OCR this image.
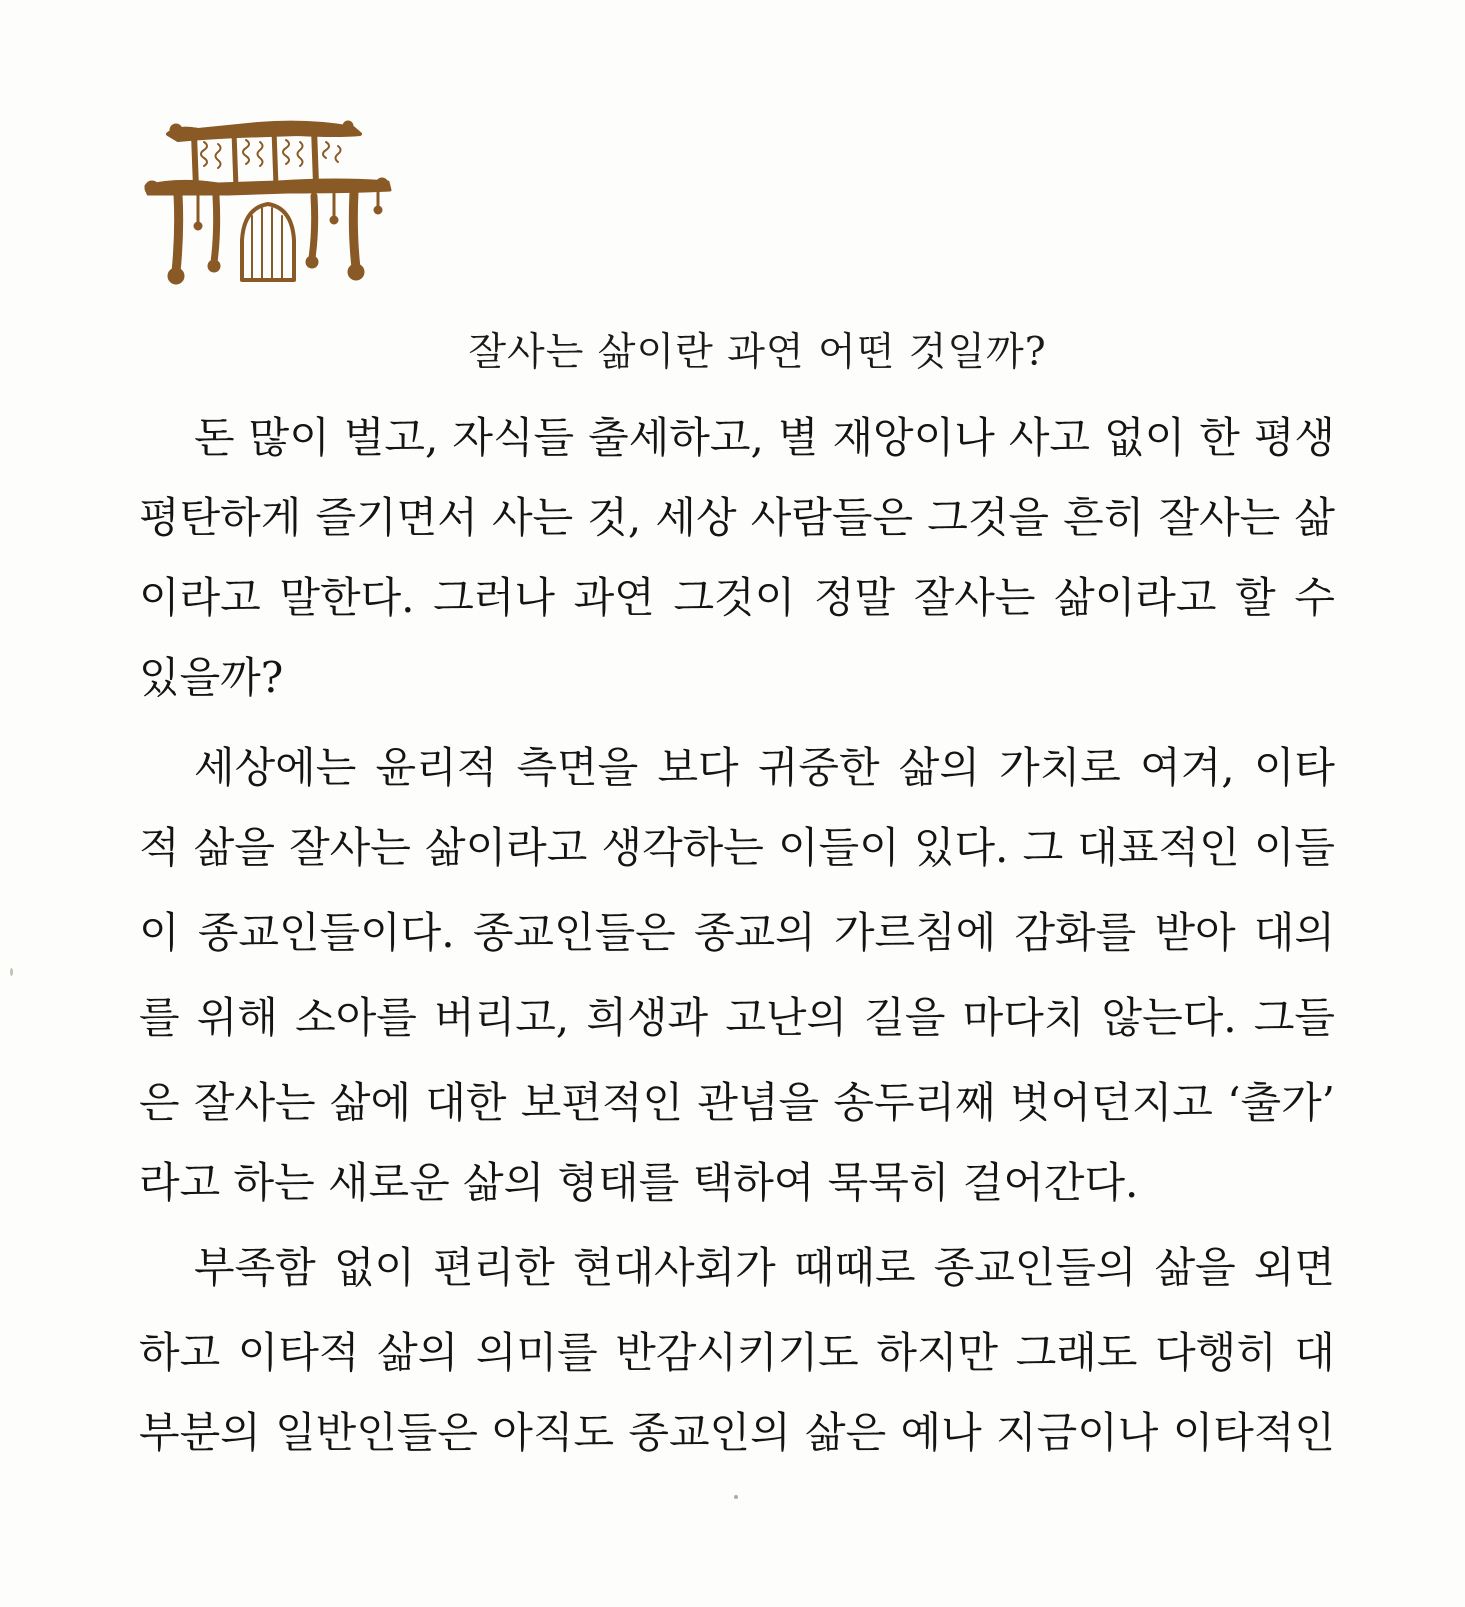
잘사는 삶이란 과연 어떤 것일까?
돈 많이 벌고, 자식들 출세하고, 별 재앙이나 사고 없이 한 평생
평탄하게 즐기면서 사는 것, 세상 사람들은 그것을 흔히 잘사는 삶
이라고 말한다. 그러나 과연 그것이 정말 잘사는 삶이라고 할 수
있을까?
세상에는 윤리적 측면을 보다 귀중한 삶의 가치로 여겨, 이타
적 삶을 잘사는 삶이라고 생각하는 이들이 있다. 그 대표적인 이들
이 종교인들이다. 종교인들은 종교의 가르침에 감화를 받아 대의
를 위해 소아를 버리고, 희생과 고난의 길을 마다치 않는다. 그들
은 잘사는 삶에 대한 보편적인 관념을 송두리째 벗어던지고 ‘출가’
라고 하는 새로운 삶의 형태를 택하여 묵묵히 걸어간다.
부족함 없이 편리한 현대사회가 때때로 종교인들의 삶을 외면
하고 이타적 삶의 의미를 반감시키기도 하지만 그래도 다행히 대
부분의 일반인들은 아직도 종교인의 삶은 예나 지금이나 이타적인
